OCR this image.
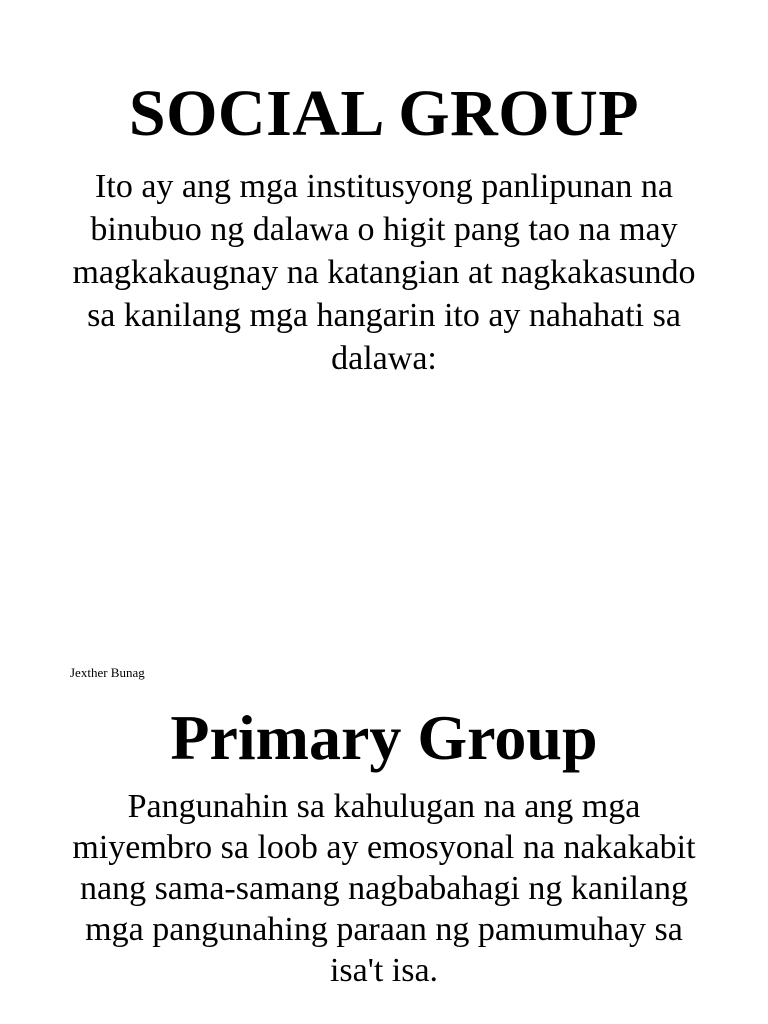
SOCIAL GROUP

Ito ay ang mga institusyong panlipunan na binubuo ng dalawa o higit pang tao na may magkakaugnay na katangian at nagkakasundo sa kanilang mga hangarin ito ay nahahati sa dalawa:

Jexther Bunag

Primary Group

Pangunahin sa kahulugan na ang mga miyembro sa loob ay emosyonal na nakakabit nang sama-samang nagbabahagi ng kanilang mga pangunahing paraan ng pamumuhay sa isa't isa.
